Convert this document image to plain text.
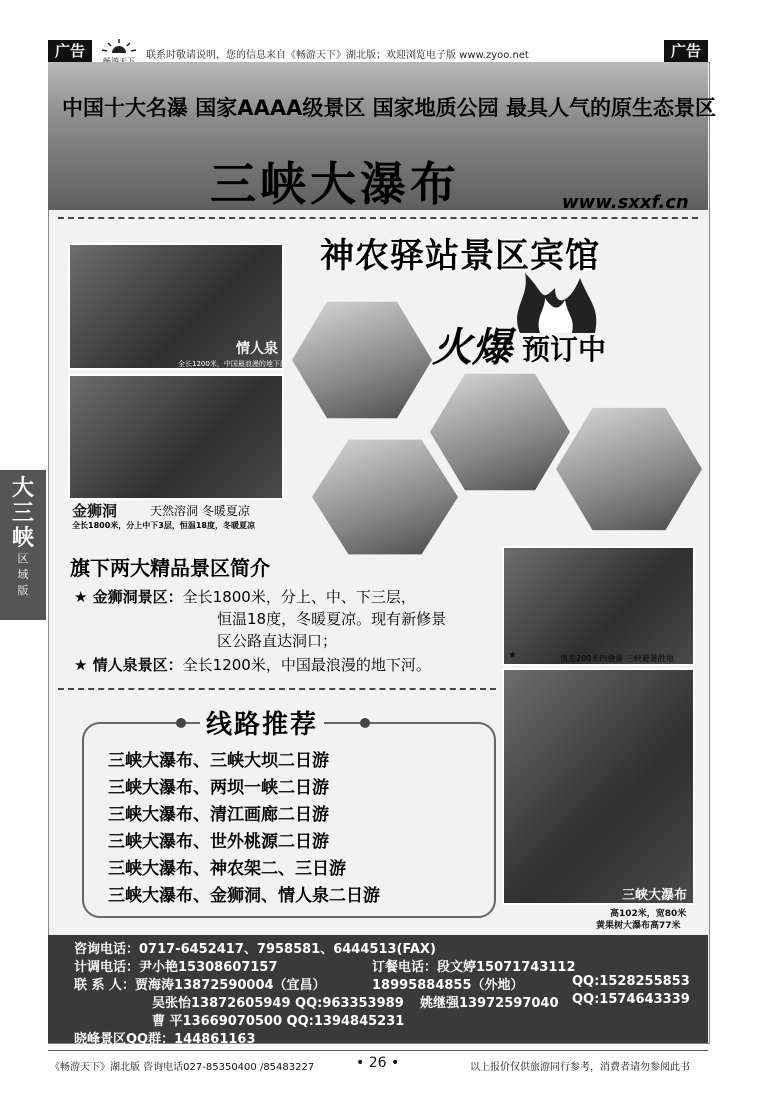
广告	联系时敬请说明，您的信息来自《畅游天下》湖北版；欢迎浏览电子版 www.zyoo.net	广告
中国十大名瀑 国家AAAA级景区 国家地质公园 最具人气的原生态景区
三峡大瀑布	www.sxxf.cn
神农驿站景区宾馆
火爆 预订中
情人泉
全长1200米，中国最浪漫的地下河
金狮洞	天然溶洞 冬暖夏凉
全长1800米，分上中下3层，恒温18度，冬暖夏凉
★	落差200米四叠瀑 三峡避暑胜地
三峡大瀑布
高102米，宽80米
黄果树大瀑布高77米
旗下两大精品景区简介
★ 金狮洞景区：全长1800米，分上、中、下三层，
恒温18度，冬暖夏凉。现有新修景
区公路直达洞口；
★ 情人泉景区：全长1200米，中国最浪漫的地下河。
线路推荐
三峡大瀑布、三峡大坝二日游
三峡大瀑布、两坝一峡二日游
三峡大瀑布、清江画廊二日游
三峡大瀑布、世外桃源二日游
三峡大瀑布、神农架二、三日游
三峡大瀑布、金狮洞、情人泉二日游
咨询电话：0717-6452417、7958581、6444513(FAX)
计调电话：尹小艳15308607157	订餐电话：段文婷15071743112
联 系 人：贾海涛13872590004（宜昌）	18995884855（外地）	QQ:1528255853
吴张怡13872605949 QQ:963353989 姚继强13972597040 QQ:1574643339
曹 平13669070500 QQ:1394845231
晓峰景区QQ群：144861163
《畅游天下》湖北版 咨询电话027-85350400 /85483227	• 26 •	以上报价仅供旅游同行参考，消费者请勿参阅此书
大
三
峡
区
域
版
